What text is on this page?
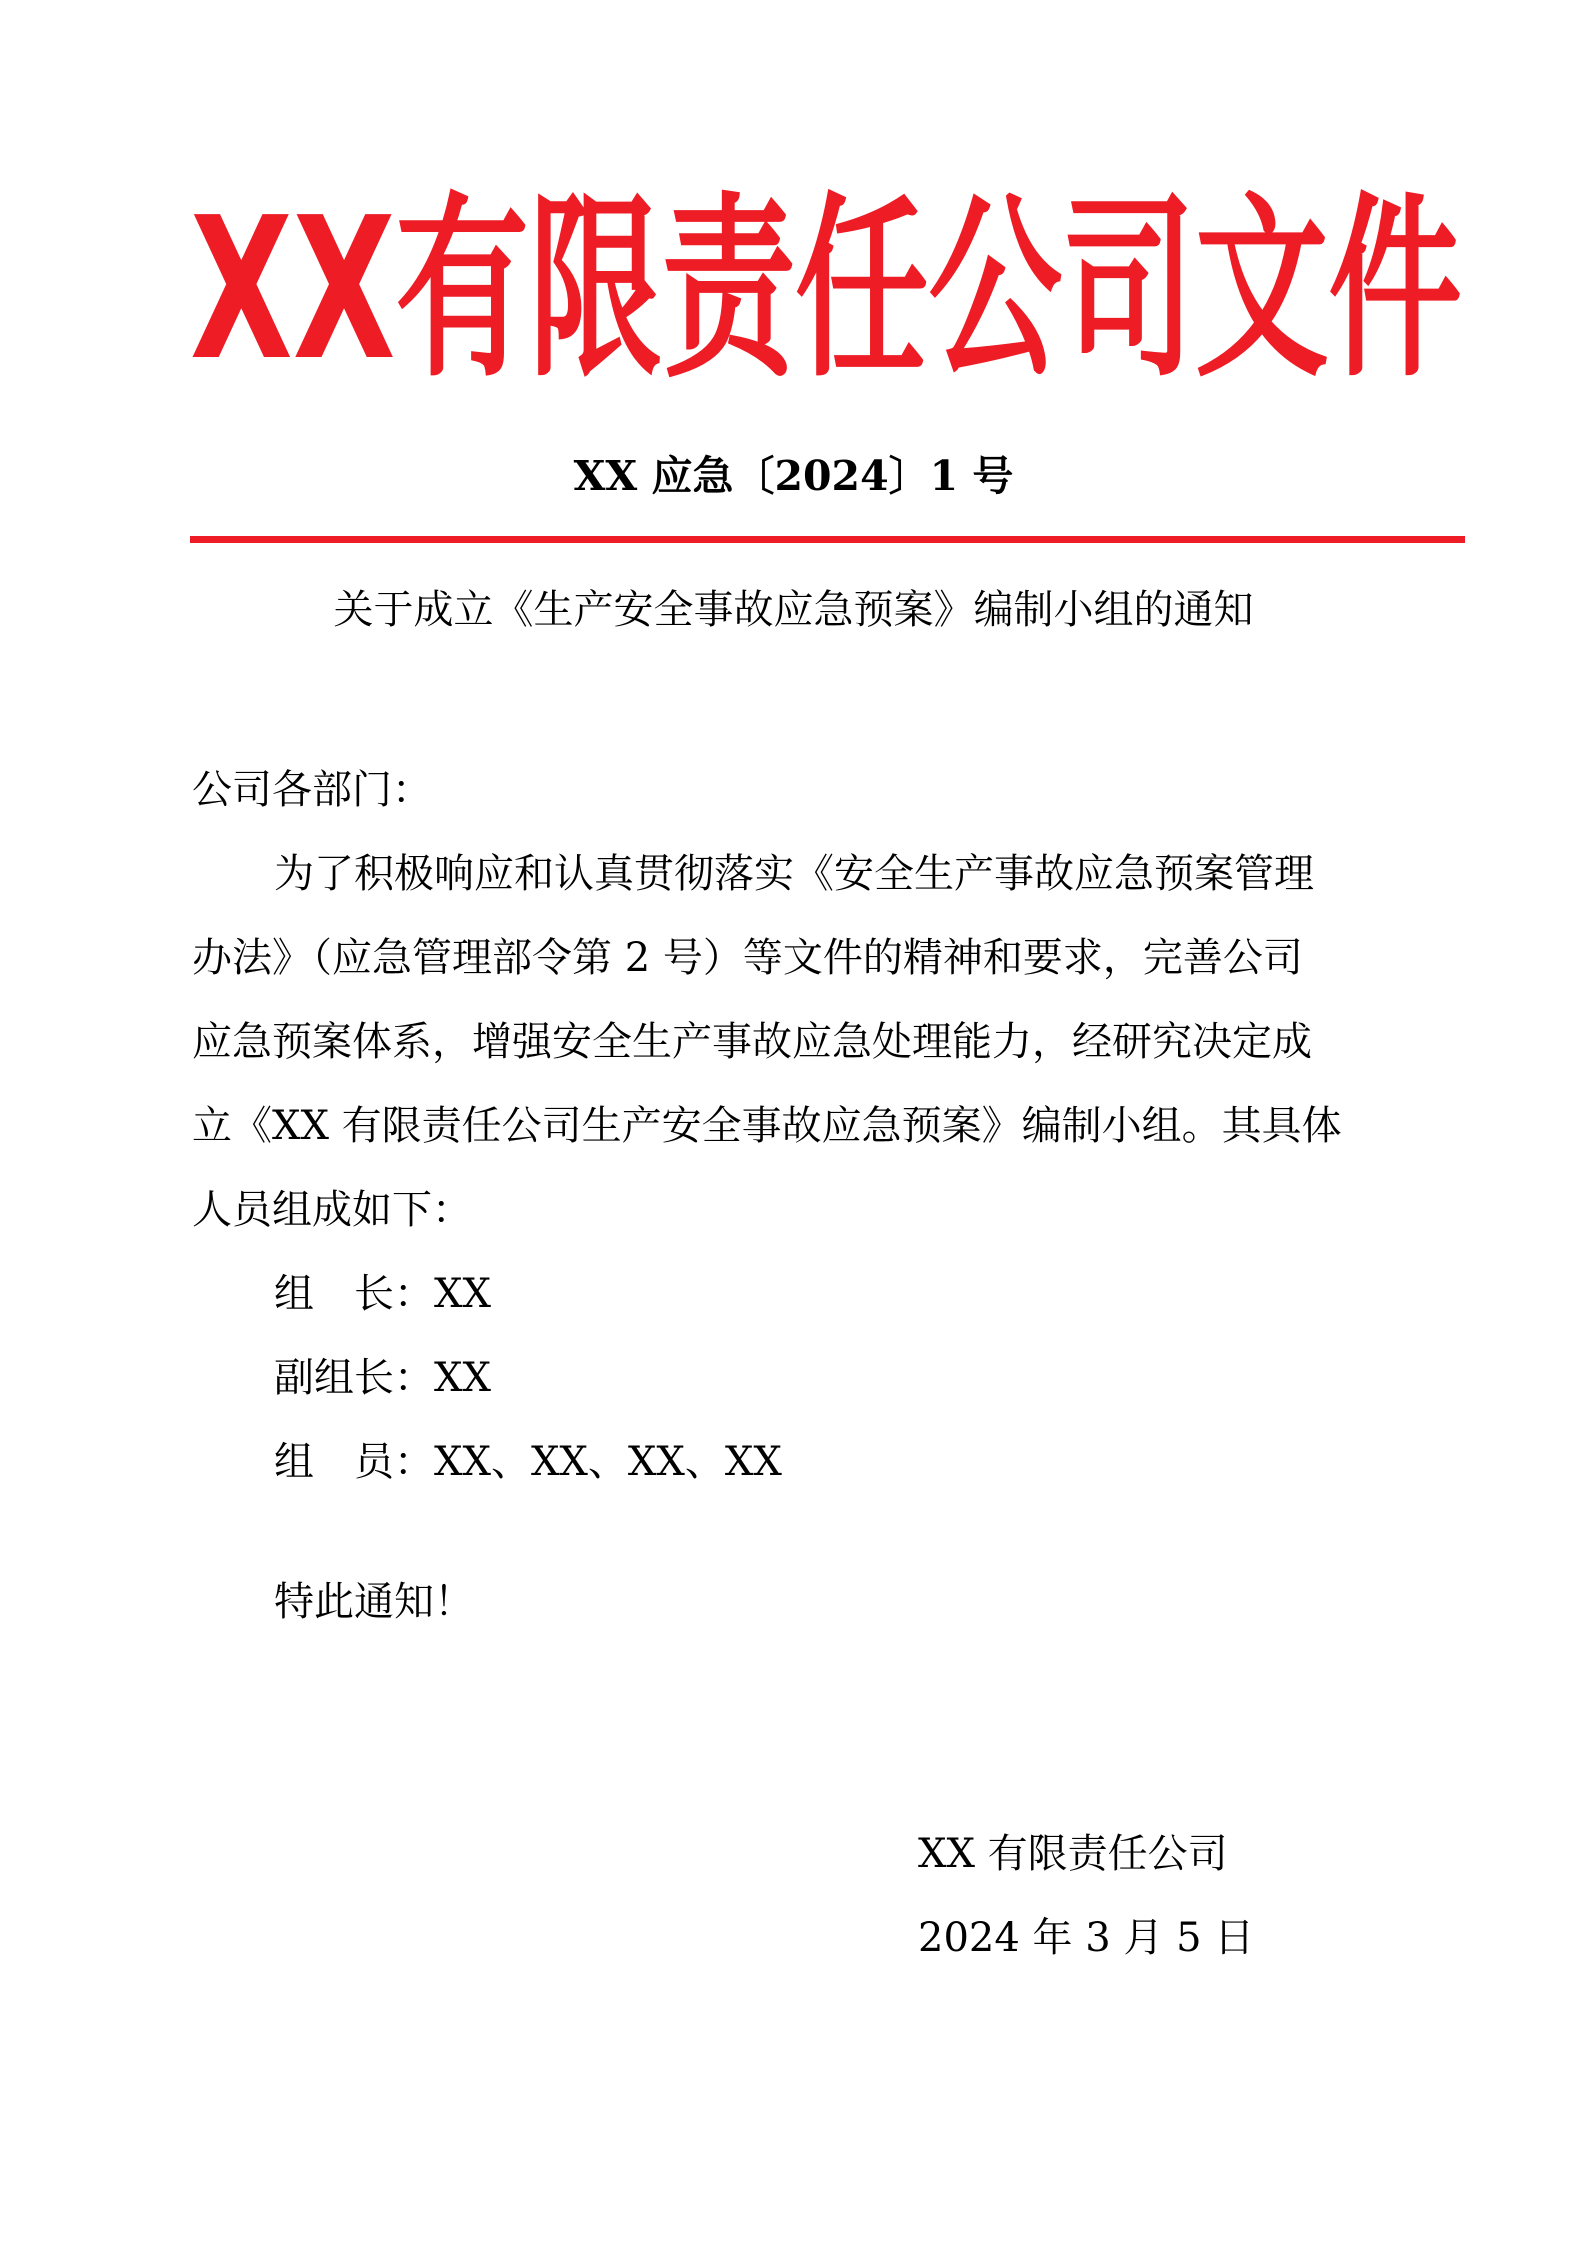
XX有限责任公司文件
XX 应急〔2024〕1 号
关于成立《生产安全事故应急预案》编制小组的通知
公司各部门：
为了积极响应和认真贯彻落实《安全生产事故应急预案管理
办法》（应急管理部令第 2 号）等文件的精神和要求，完善公司
应急预案体系，增强安全生产事故应急处理能力，经研究决定成
立《XX 有限责任公司生产安全事故应急预案》编制小组。其具体
人员组成如下：
组　长：XX
副组长：XX
组　员：XX、XX、XX、XX
特此通知！
XX 有限责任公司
2024 年 3 月 5 日
